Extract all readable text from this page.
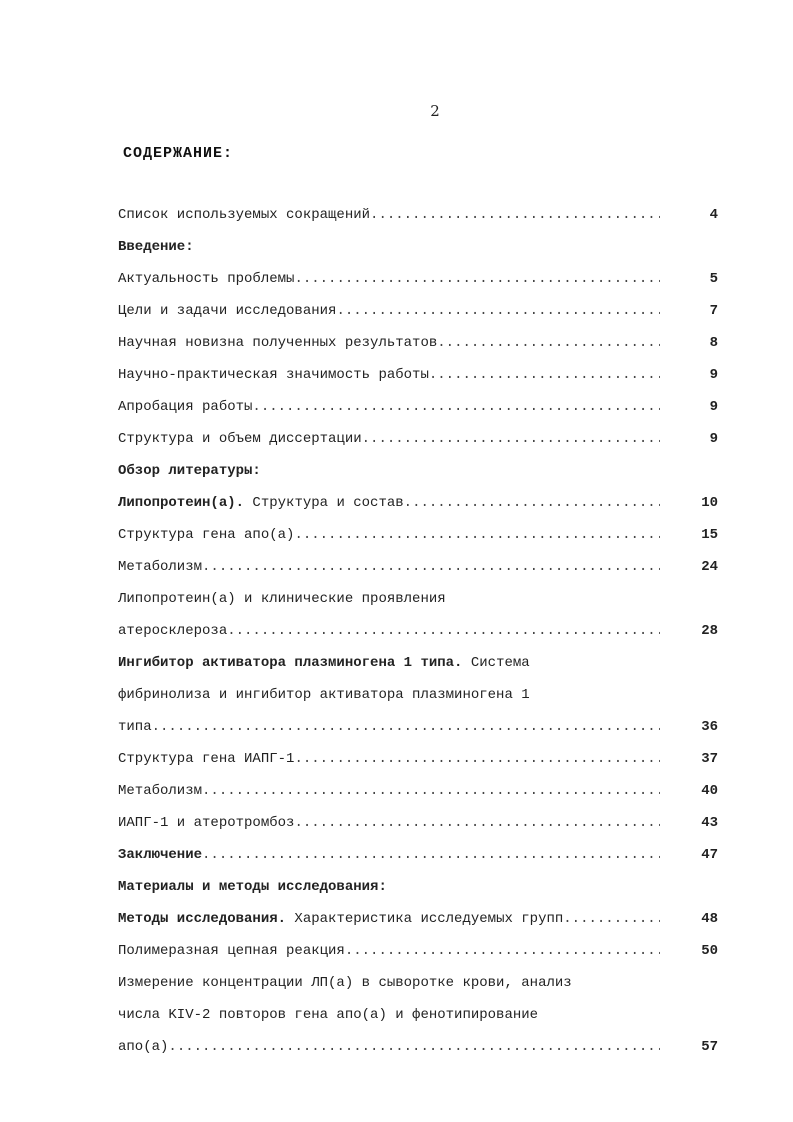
2
СОДЕРЖАНИЕ:
Список используемых сокращений .....	4
Введение:
Актуальность проблемы .....	5
Цели и задачи исследования .....	7
Научная новизна полученных результатов .....	8
Научно-практическая значимость работы .....	9
Апробация работы .....	9
Структура и объем диссертации .....	9
Обзор литературы:
Липопротеин(а). Структура и состав .....	10
Структура гена апо(а) .....	15
Метаболизм .....	24
Липопротеин(а) и клинические проявления
атеросклероза .....	28
Ингибитор активатора плазминогена 1 типа. Система
фибринолиза и ингибитор активатора плазминогена 1
типа .....	36
Структура гена ИАПГ-1 .....	37
Метаболизм .....	40
ИАПГ-1 и атеротромбоз .....	43
Заключение .....	47
Материалы и методы исследования:
Методы исследования. Характеристика исследуемых групп .....	48
Полимеразная цепная реакция .....	50
Измерение концентрации ЛП(а) в сыворотке крови, анализ
числа KIV-2 повторов гена апо(а) и фенотипирование
апо(а) .....	57
